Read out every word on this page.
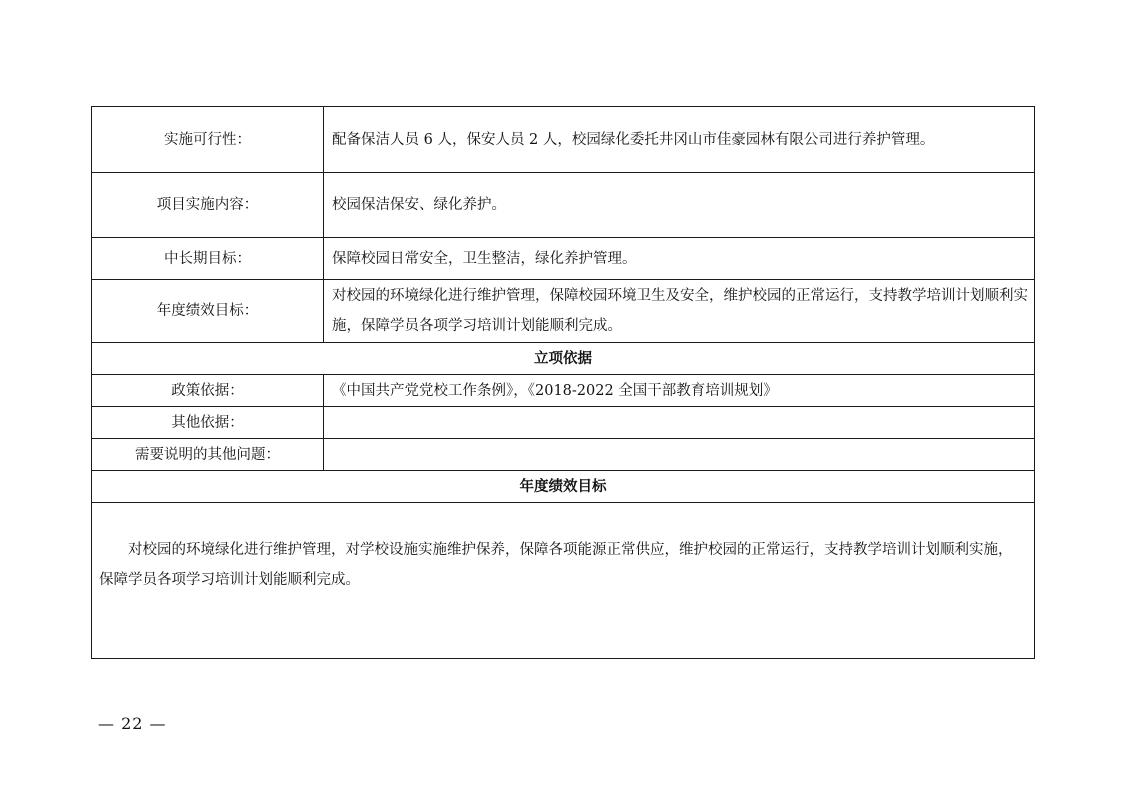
实施可行性：	配备保洁人员 6 人，保安人员 2 人，校园绿化委托井冈山市佳豪园林有限公司进行养护管理。
项目实施内容：	校园保洁保安、绿化养护。
中长期目标：	保障校园日常安全，卫生整洁，绿化养护管理。
年度绩效目标：	对校园的环境绿化进行维护管理，保障校园环境卫生及安全，维护校园的正常运行，支持教学培训计划顺利实施，保障学员各项学习培训计划能顺利完成。
立项依据	
政策依据：	《中国共产党党校工作条例》，《2018-2022 全国干部教育培训规划》
其他依据：	
需要说明的其他问题：	
年度绩效目标	
对校园的环境绿化进行维护管理，对学校设施实施维护保养，保障各项能源正常供应，维护校园的正常运行，支持教学培训计划顺利实施，保障学员各项学习培训计划能顺利完成。	
— 22 —
